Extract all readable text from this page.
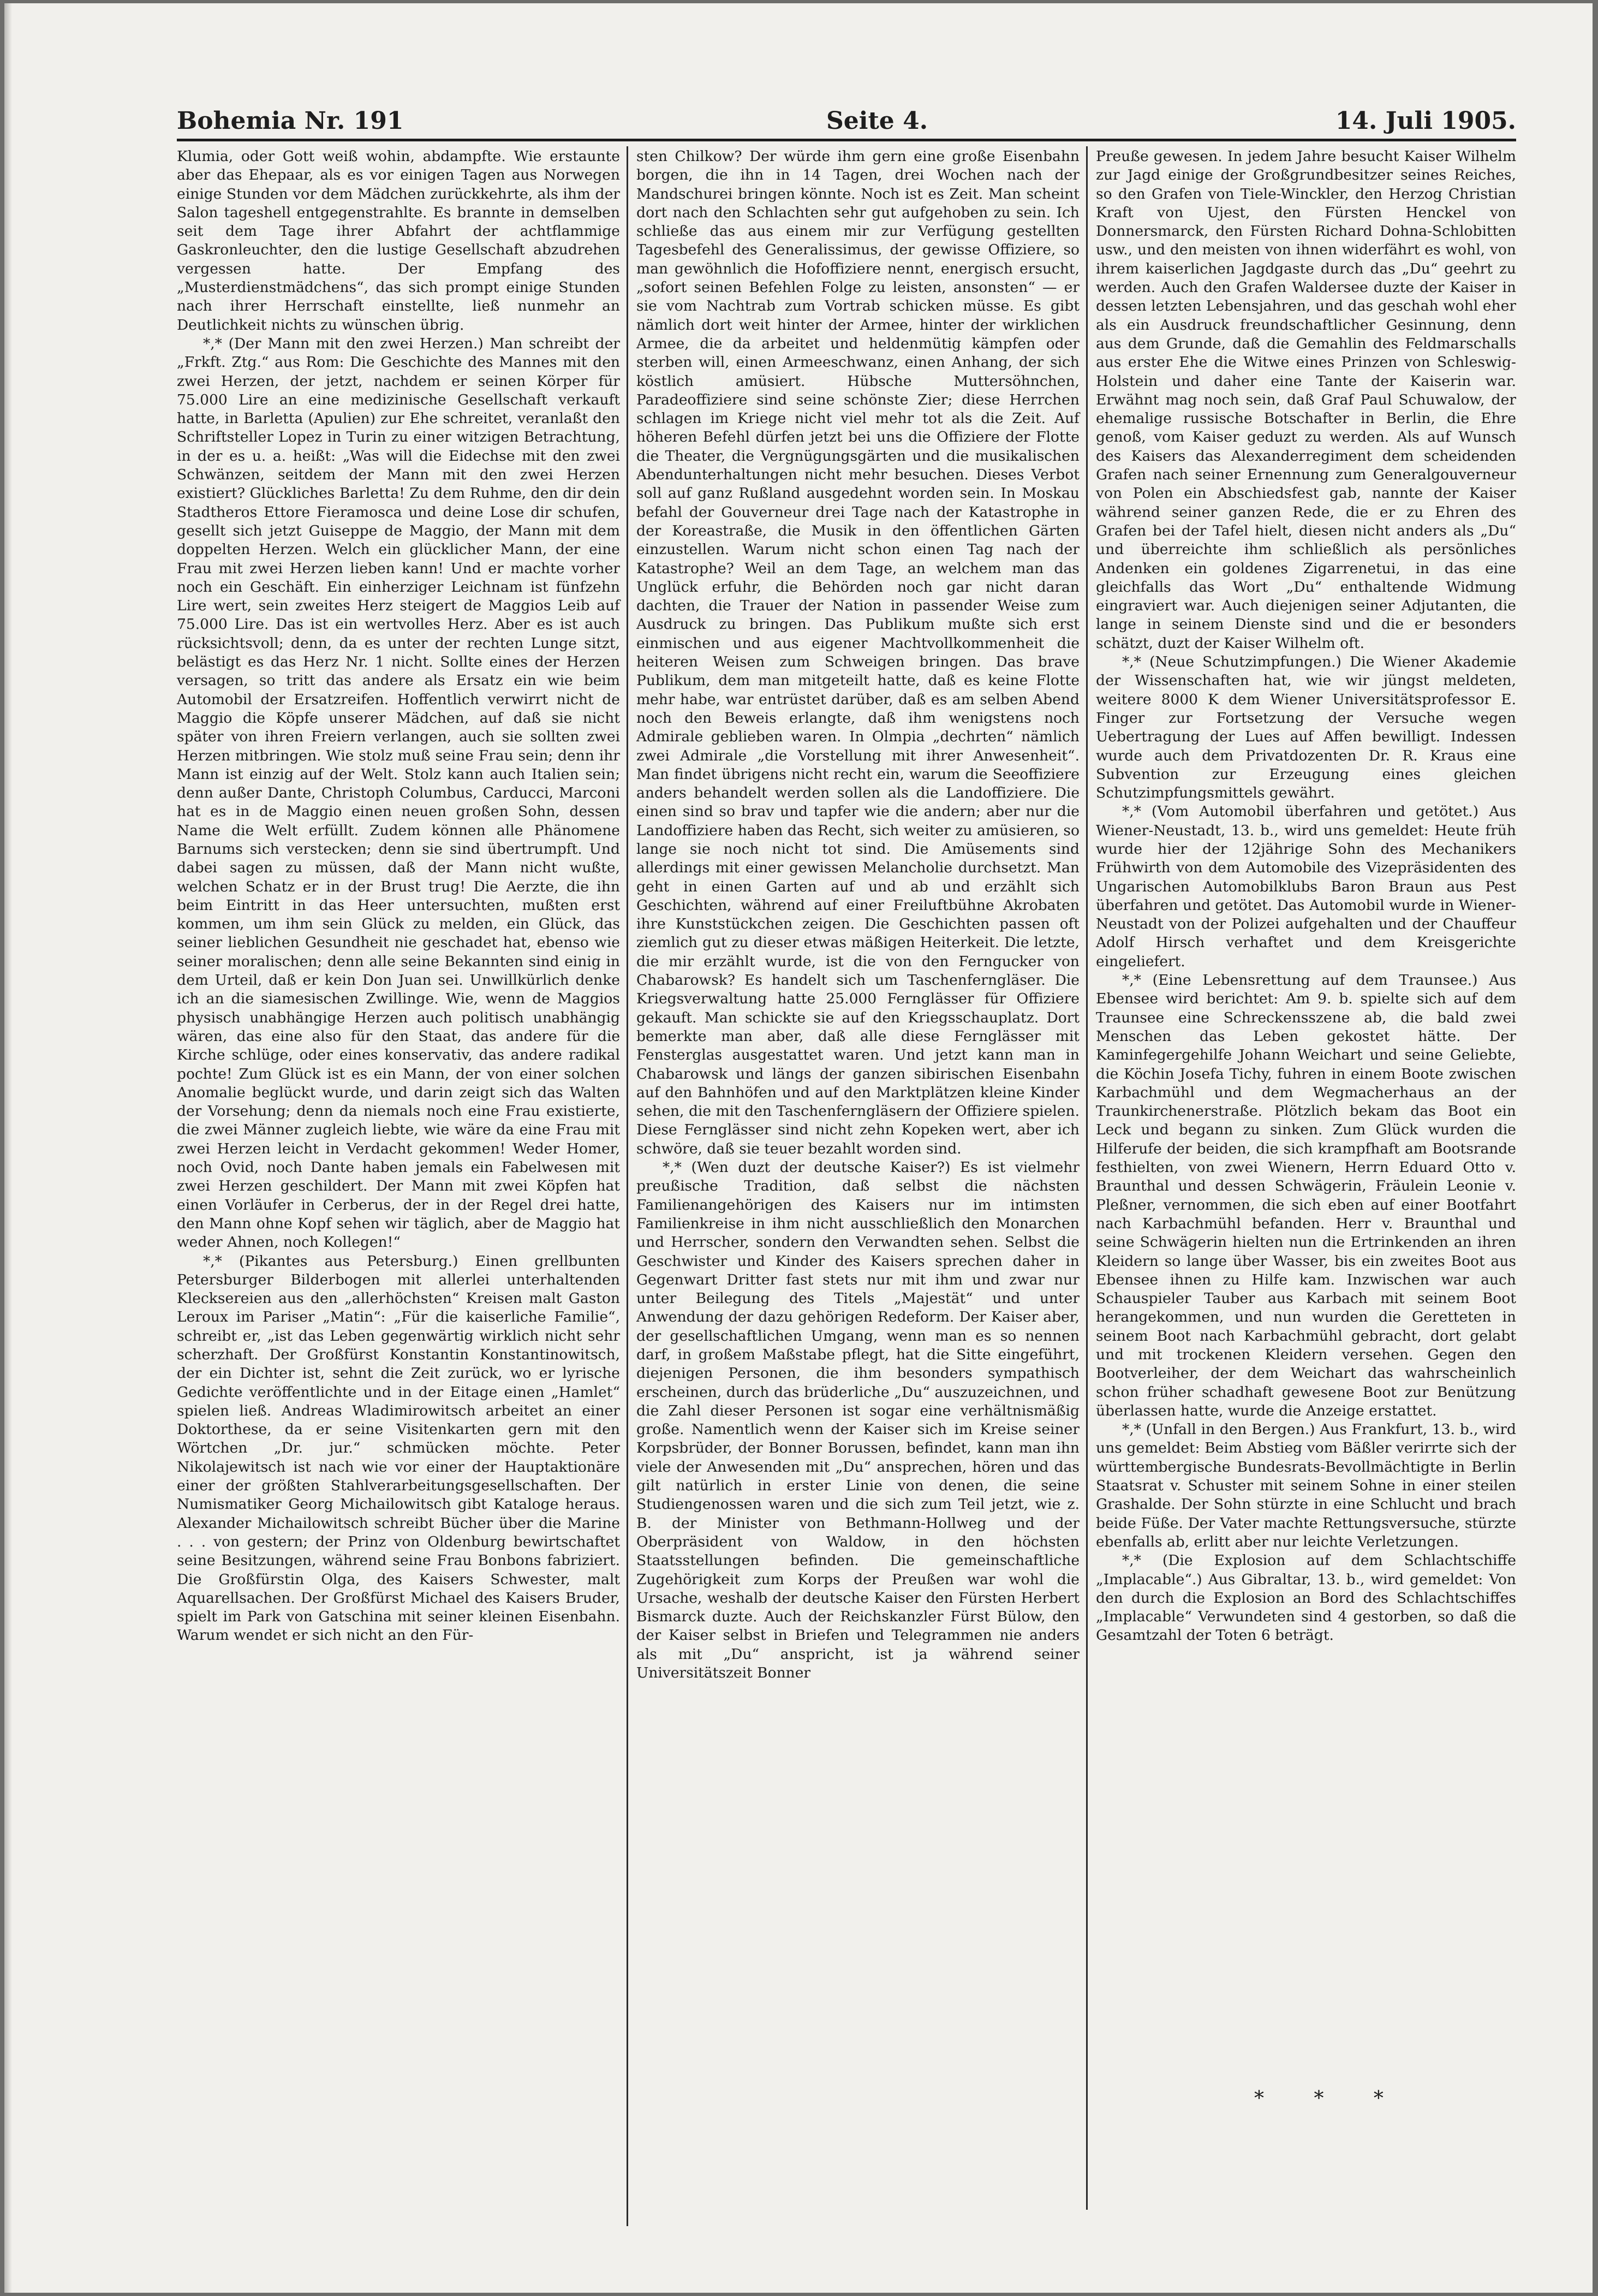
Bohemia Nr. 191	Seite 4.	14. Juli 1905.

Klumia, oder Gott weiß wohin, abdampfte. Wie erstaunte aber das Ehepaar, als es vor einigen Tagen aus Norwegen einige Stunden vor dem Mädchen zurückkehrte, als ihm der Salon tageshell entgegenstrahlte. Es brannte in demselben seit dem Tage ihrer Abfahrt der achtflammige Gaskronleuchter, den die lustige Gesellschaft abzudrehen vergessen hatte. Der Empfang des „Musterdienstmädchens“, das sich prompt einige Stunden nach ihrer Herrschaft einstellte, ließ nunmehr an Deutlichkeit nichts zu wünschen übrig.

*,* (Der Mann mit den zwei Herzen.) Man schreibt der „Frkft. Ztg.“ aus Rom: Die Geschichte des Mannes mit den zwei Herzen, der jetzt, nachdem er seinen Körper für 75.000 Lire an eine medizinische Gesellschaft verkauft hatte, in Barletta (Apulien) zur Ehe schreitet, veranlaßt den Schriftsteller Lopez in Turin zu einer witzigen Betrachtung, in der es u. a. heißt: „Was will die Eidechse mit den zwei Schwänzen, seitdem der Mann mit den zwei Herzen existiert? Glückliches Barletta! Zu dem Ruhme, den dir dein Stadtheros Ettore Fieramosca und deine Lose dir schufen, gesellt sich jetzt Guiseppe de Maggio, der Mann mit dem doppelten Herzen. Welch ein glücklicher Mann, der eine Frau mit zwei Herzen lieben kann! Und er machte vorher noch ein Geschäft. Ein einherziger Leichnam ist fünfzehn Lire wert, sein zweites Herz steigert de Maggios Leib auf 75.000 Lire. Das ist ein wertvolles Herz. Aber es ist auch rücksichtsvoll; denn, da es unter der rechten Lunge sitzt, belästigt es das Herz Nr. 1 nicht. Sollte eines der Herzen versagen, so tritt das andere als Ersatz ein wie beim Automobil der Ersatzreifen. Hoffentlich verwirrt nicht de Maggio die Köpfe unserer Mädchen, auf daß sie nicht später von ihren Freiern verlangen, auch sie sollten zwei Herzen mitbringen. Wie stolz muß seine Frau sein; denn ihr Mann ist einzig auf der Welt. Stolz kann auch Italien sein; denn außer Dante, Christoph Columbus, Carducci, Marconi hat es in de Maggio einen neuen großen Sohn, dessen Name die Welt erfüllt. Zudem können alle Phänomene Barnums sich verstecken; denn sie sind übertrumpft. Und dabei sagen zu müssen, daß der Mann nicht wußte, welchen Schatz er in der Brust trug! Die Aerzte, die ihn beim Eintritt in das Heer untersuchten, mußten erst kommen, um ihm sein Glück zu melden, ein Glück, das seiner lieblichen Gesundheit nie geschadet hat, ebenso wie seiner moralischen; denn alle seine Bekannten sind einig in dem Urteil, daß er kein Don Juan sei. Unwillkürlich denke ich an die siamesischen Zwillinge. Wie, wenn de Maggios physisch unabhängige Herzen auch politisch unabhängig wären, das eine also für den Staat, das andere für die Kirche schlüge, oder eines konservativ, das andere radikal pochte! Zum Glück ist es ein Mann, der von einer solchen Anomalie beglückt wurde, und darin zeigt sich das Walten der Vorsehung; denn da niemals noch eine Frau existierte, die zwei Männer zugleich liebte, wie wäre da eine Frau mit zwei Herzen leicht in Verdacht gekommen! Weder Homer, noch Ovid, noch Dante haben jemals ein Fabelwesen mit zwei Herzen geschildert. Der Mann mit zwei Köpfen hat einen Vorläufer in Cerberus, der in der Regel drei hatte, den Mann ohne Kopf sehen wir täglich, aber de Maggio hat weder Ahnen, noch Kollegen!“

*,* (Pikantes aus Petersburg.) Einen grellbunten Petersburger Bilderbogen mit allerlei unterhaltenden Klecksereien aus den „allerhöchsten“ Kreisen malt Gaston Leroux im Pariser „Matin“: „Für die kaiserliche Familie“, schreibt er, „ist das Leben gegenwärtig wirklich nicht sehr scherzhaft. Der Großfürst Konstantin Konstantinowitsch, der ein Dichter ist, sehnt die Zeit zurück, wo er lyrische Gedichte veröffentlichte und in der Eitage einen „Hamlet“ spielen ließ. Andreas Wladimirowitsch arbeitet an einer Doktorthese, da er seine Visitenkarten gern mit den Wörtchen „Dr. jur.“ schmücken möchte. Peter Nikolajewitsch ist nach wie vor einer der Hauptaktionäre einer der größten Stahlverarbeitungsgesellschaften. Der Numismatiker Georg Michailowitsch gibt Kataloge heraus. Alexander Michailowitsch schreibt Bücher über die Marine . . . von gestern; der Prinz von Oldenburg bewirtschaftet seine Besitzungen, während seine Frau Bonbons fabriziert. Die Großfürstin Olga, des Kaisers Schwester, malt Aquarellsachen. Der Großfürst Michael des Kaisers Bruder, spielt im Park von Gatschina mit seiner kleinen Eisenbahn. Warum wendet er sich nicht an den Für-

sten Chilkow? Der würde ihm gern eine große Eisenbahn borgen, die ihn in 14 Tagen, drei Wochen nach der Mandschurei bringen könnte. Noch ist es Zeit. Man scheint dort nach den Schlachten sehr gut aufgehoben zu sein. Ich schließe das aus einem mir zur Verfügung gestellten Tagesbefehl des Generalissimus, der gewisse Offiziere, so man gewöhnlich die Hofoffiziere nennt, energisch ersucht, „sofort seinen Befehlen Folge zu leisten, ansonsten“ — er sie vom Nachtrab zum Vortrab schicken müsse. Es gibt nämlich dort weit hinter der Armee, hinter der wirklichen Armee, die da arbeitet und heldenmütig kämpfen oder sterben will, einen Armeeschwanz, einen Anhang, der sich köstlich amüsiert. Hübsche Muttersöhnchen, Paradeoffiziere sind seine schönste Zier; diese Herrchen schlagen im Kriege nicht viel mehr tot als die Zeit. Auf höheren Befehl dürfen jetzt bei uns die Offiziere der Flotte die Theater, die Vergnügungsgärten und die musikalischen Abendunterhaltungen nicht mehr besuchen. Dieses Verbot soll auf ganz Rußland ausgedehnt worden sein. In Moskau befahl der Gouverneur drei Tage nach der Katastrophe in der Koreastraße, die Musik in den öffentlichen Gärten einzustellen. Warum nicht schon einen Tag nach der Katastrophe? Weil an dem Tage, an welchem man das Unglück erfuhr, die Behörden noch gar nicht daran dachten, die Trauer der Nation in passender Weise zum Ausdruck zu bringen. Das Publikum mußte sich erst einmischen und aus eigener Machtvollkommenheit die heiteren Weisen zum Schweigen bringen. Das brave Publikum, dem man mitgeteilt hatte, daß es keine Flotte mehr habe, war entrüstet darüber, daß es am selben Abend noch den Beweis erlangte, daß ihm wenigstens noch Admirale geblieben waren. In Olmpia „dechrten“ nämlich zwei Admirale „die Vorstellung mit ihrer Anwesenheit“. Man findet übrigens nicht recht ein, warum die Seeoffiziere anders behandelt werden sollen als die Landoffiziere. Die einen sind so brav und tapfer wie die andern; aber nur die Landoffiziere haben das Recht, sich weiter zu amüsieren, so lange sie noch nicht tot sind. Die Amüsements sind allerdings mit einer gewissen Melancholie durchsetzt. Man geht in einen Garten auf und ab und erzählt sich Geschichten, während auf einer Freiluftbühne Akrobaten ihre Kunststückchen zeigen. Die Geschichten passen oft ziemlich gut zu dieser etwas mäßigen Heiterkeit. Die letzte, die mir erzählt wurde, ist die von den Ferngucker von Chabarowsk? Es handelt sich um Taschenferngläser. Die Kriegsverwaltung hatte 25.000 Fernglässer für Offiziere gekauft. Man schickte sie auf den Kriegsschauplatz. Dort bemerkte man aber, daß alle diese Fernglässer mit Fensterglas ausgestattet waren. Und jetzt kann man in Chabarowsk und längs der ganzen sibirischen Eisenbahn auf den Bahnhöfen und auf den Marktplätzen kleine Kinder sehen, die mit den Taschenferngläsern der Offiziere spielen. Diese Fernglässer sind nicht zehn Kopeken wert, aber ich schwöre, daß sie teuer bezahlt worden sind.

*,* (Wen duzt der deutsche Kaiser?) Es ist vielmehr preußische Tradition, daß selbst die nächsten Familienangehörigen des Kaisers nur im intimsten Familienkreise in ihm nicht ausschließlich den Monarchen und Herrscher, sondern den Verwandten sehen. Selbst die Geschwister und Kinder des Kaisers sprechen daher in Gegenwart Dritter fast stets nur mit ihm und zwar nur unter Beilegung des Titels „Majestät“ und unter Anwendung der dazu gehörigen Redeform. Der Kaiser aber, der gesellschaftlichen Umgang, wenn man es so nennen darf, in großem Maßstabe pflegt, hat die Sitte eingeführt, diejenigen Personen, die ihm besonders sympathisch erscheinen, durch das brüderliche „Du“ auszuzeichnen, und die Zahl dieser Personen ist sogar eine verhältnismäßig große. Namentlich wenn der Kaiser sich im Kreise seiner Korpsbrüder, der Bonner Borussen, befindet, kann man ihn viele der Anwesenden mit „Du“ ansprechen, hören und das gilt natürlich in erster Linie von denen, die seine Studiengenossen waren und die sich zum Teil jetzt, wie z. B. der Minister von Bethmann-Hollweg und der Oberpräsident von Waldow, in den höchsten Staatsstellungen befinden. Die gemeinschaftliche Zugehörigkeit zum Korps der Preußen war wohl die Ursache, weshalb der deutsche Kaiser den Fürsten Herbert Bismarck duzte. Auch der Reichskanzler Fürst Bülow, den der Kaiser selbst in Briefen und Telegrammen nie anders als mit „Du“ anspricht, ist ja während seiner Universitätszeit Bonner

Preuße gewesen. In jedem Jahre besucht Kaiser Wilhelm zur Jagd einige der Großgrundbesitzer seines Reiches, so den Grafen von Tiele-Winckler, den Herzog Christian Kraft von Ujest, den Fürsten Henckel von Donnersmarck, den Fürsten Richard Dohna-Schlobitten usw., und den meisten von ihnen widerfährt es wohl, von ihrem kaiserlichen Jagdgaste durch das „Du“ geehrt zu werden. Auch den Grafen Waldersee duzte der Kaiser in dessen letzten Lebensjahren, und das geschah wohl eher als ein Ausdruck freundschaftlicher Gesinnung, denn aus dem Grunde, daß die Gemahlin des Feldmarschalls aus erster Ehe die Witwe eines Prinzen von Schleswig-Holstein und daher eine Tante der Kaiserin war. Erwähnt mag noch sein, daß Graf Paul Schuwalow, der ehemalige russische Botschafter in Berlin, die Ehre genoß, vom Kaiser geduzt zu werden. Als auf Wunsch des Kaisers das Alexanderregiment dem scheidenden Grafen nach seiner Ernennung zum Generalgouverneur von Polen ein Abschiedsfest gab, nannte der Kaiser während seiner ganzen Rede, die er zu Ehren des Grafen bei der Tafel hielt, diesen nicht anders als „Du“ und überreichte ihm schließlich als persönliches Andenken ein goldenes Zigarrenetui, in das eine gleichfalls das Wort „Du“ enthaltende Widmung eingraviert war. Auch diejenigen seiner Adjutanten, die lange in seinem Dienste sind und die er besonders schätzt, duzt der Kaiser Wilhelm oft.

*,* (Neue Schutzimpfungen.) Die Wiener Akademie der Wissenschaften hat, wie wir jüngst meldeten, weitere 8000 K dem Wiener Universitätsprofessor E. Finger zur Fortsetzung der Versuche wegen Uebertragung der Lues auf Affen bewilligt. Indessen wurde auch dem Privatdozenten Dr. R. Kraus eine Subvention zur Erzeugung eines gleichen Schutzimpfungsmittels gewährt.

*,* (Vom Automobil überfahren und getötet.) Aus Wiener-Neustadt, 13. b., wird uns gemeldet: Heute früh wurde hier der 12jährige Sohn des Mechanikers Frühwirth von dem Automobile des Vizepräsidenten des Ungarischen Automobilklubs Baron Braun aus Pest überfahren und getötet. Das Automobil wurde in Wiener-Neustadt von der Polizei aufgehalten und der Chauffeur Adolf Hirsch verhaftet und dem Kreisgerichte eingeliefert.

*,* (Eine Lebensrettung auf dem Traunsee.) Aus Ebensee wird berichtet: Am 9. b. spielte sich auf dem Traunsee eine Schreckensszene ab, die bald zwei Menschen das Leben gekostet hätte. Der Kaminfegergehilfe Johann Weichart und seine Geliebte, die Köchin Josefa Tichy, fuhren in einem Boote zwischen Karbachmühl und dem Wegmacherhaus an der Traunkirchenerstraße. Plötzlich bekam das Boot ein Leck und begann zu sinken. Zum Glück wurden die Hilferufe der beiden, die sich krampfhaft am Bootsrande festhielten, von zwei Wienern, Herrn Eduard Otto v. Braunthal und dessen Schwägerin, Fräulein Leonie v. Pleßner, vernommen, die sich eben auf einer Bootfahrt nach Karbachmühl befanden. Herr v. Braunthal und seine Schwägerin hielten nun die Ertrinkenden an ihren Kleidern so lange über Wasser, bis ein zweites Boot aus Ebensee ihnen zu Hilfe kam. Inzwischen war auch Schauspieler Tauber aus Karbach mit seinem Boot herangekommen, und nun wurden die Geretteten in seinem Boot nach Karbachmühl gebracht, dort gelabt und mit trockenen Kleidern versehen. Gegen den Bootverleiher, der dem Weichart das wahrscheinlich schon früher schadhaft gewesene Boot zur Benützung überlassen hatte, wurde die Anzeige erstattet.

*,* (Unfall in den Bergen.) Aus Frankfurt, 13. b., wird uns gemeldet: Beim Abstieg vom Bäßler verirrte sich der württembergische Bundesrats-Bevollmächtigte in Berlin Staatsrat v. Schuster mit seinem Sohne in einer steilen Grashalde. Der Sohn stürzte in eine Schlucht und brach beide Füße. Der Vater machte Rettungsversuche, stürzte ebenfalls ab, erlitt aber nur leichte Verletzungen.

*,* (Die Explosion auf dem Schlachtschiffe „Implacable“.) Aus Gibraltar, 13. b., wird gemeldet: Von den durch die Explosion an Bord des Schlachtschiffes „Implacable“ Verwundeten sind 4 gestorben, so daß die Gesamtzahl der Toten 6 beträgt.

* * *
